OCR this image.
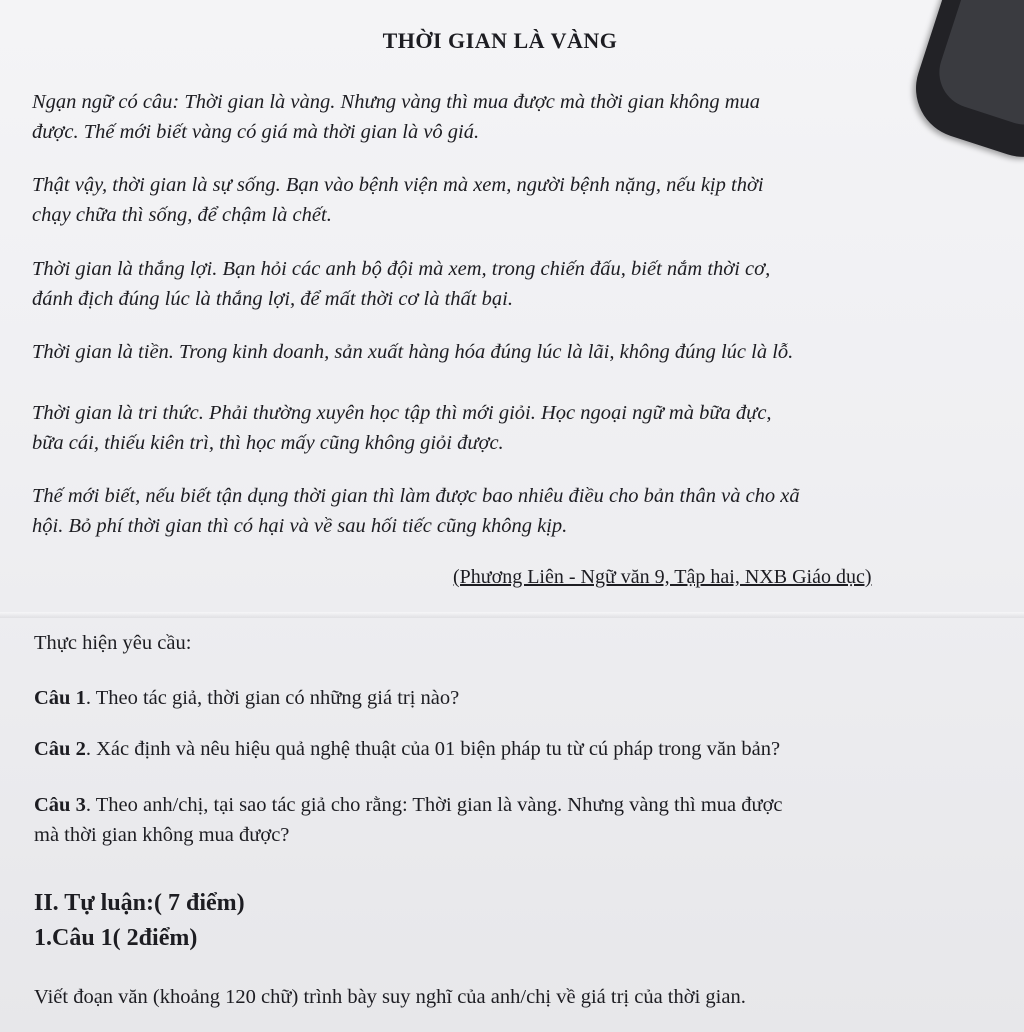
THỜI GIAN LÀ VÀNG

Ngạn ngữ có câu: Thời gian là vàng. Nhưng vàng thì mua được mà thời gian không mua
được. Thế mới biết vàng có giá mà thời gian là vô giá.

Thật vậy, thời gian là sự sống. Bạn vào bệnh viện mà xem, người bệnh nặng, nếu kịp thời
chạy chữa thì sống, để chậm là chết.

Thời gian là thắng lợi. Bạn hỏi các anh bộ đội mà xem, trong chiến đấu, biết nắm thời cơ,
đánh địch đúng lúc là thắng lợi, để mất thời cơ là thất bại.

Thời gian là tiền. Trong kinh doanh, sản xuất hàng hóa đúng lúc là lãi, không đúng lúc là lỗ.

Thời gian là tri thức. Phải thường xuyên học tập thì mới giỏi. Học ngoại ngữ mà bữa đực,
bữa cái, thiếu kiên trì, thì học mấy cũng không giỏi được.

Thế mới biết, nếu biết tận dụng thời gian thì làm được bao nhiêu điều cho bản thân và cho xã
hội. Bỏ phí thời gian thì có hại và về sau hối tiếc cũng không kịp.

(Phương Liên - Ngữ văn 9, Tập hai, NXB Giáo dục)

Thực hiện yêu cầu:

Câu 1. Theo tác giả, thời gian có những giá trị nào?

Câu 2. Xác định và nêu hiệu quả nghệ thuật của 01 biện pháp tu từ cú pháp trong văn bản?

Câu 3. Theo anh/chị, tại sao tác giả cho rằng: Thời gian là vàng. Nhưng vàng thì mua được
mà thời gian không mua được?

II. Tự luận:( 7 điểm)

1.Câu 1( 2điểm)

Viết đoạn văn (khoảng 120 chữ) trình bày suy nghĩ của anh/chị về giá trị của thời gian.
